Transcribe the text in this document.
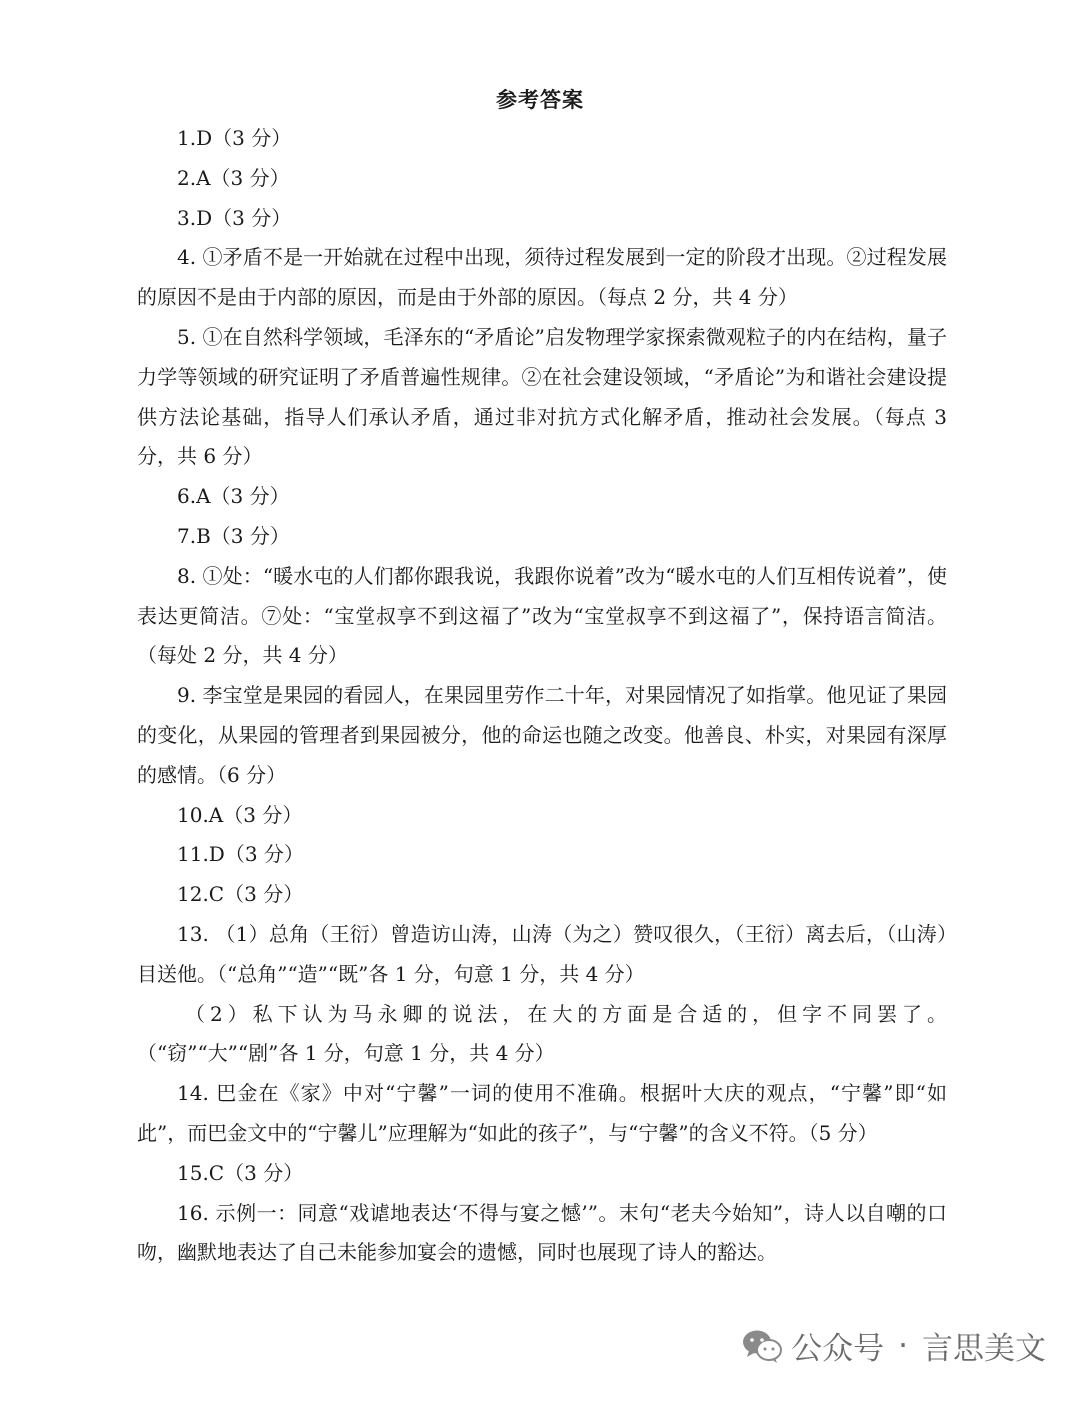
参考答案

1.D（3 分）

2.A（3 分）

3.D（3 分）

4. ①矛盾不是一开始就在过程中出现，须待过程发展到一定的阶段才出现。②过程发展的原因不是由于内部的原因，而是由于外部的原因。（每点 2 分，共 4 分）

5. ①在自然科学领域，毛泽东的“矛盾论”启发物理学家探索微观粒子的内在结构，量子力学等领域的研究证明了矛盾普遍性规律。②在社会建设领域，“矛盾论”为和谐社会建设提供方法论基础，指导人们承认矛盾，通过非对抗方式化解矛盾，推动社会发展。（每点 3 分，共 6 分）

6.A（3 分）

7.B（3 分）

8. ①处：“暖水屯的人们都你跟我说，我跟你说着”改为“暖水屯的人们互相传说着”，使表达更简洁。⑦处：“宝堂叔享不到这福了”改为“宝堂叔享不到这福了”，保持语言简洁。（每处 2 分，共 4 分）

9. 李宝堂是果园的看园人，在果园里劳作二十年，对果园情况了如指掌。他见证了果园的变化，从果园的管理者到果园被分，他的命运也随之改变。他善良、朴实，对果园有深厚的感情。（6 分）

10.A（3 分）

11.D（3 分）

12.C（3 分）

13. （1）总角（王衍）曾造访山涛，山涛（为之）赞叹很久，（王衍）离去后，（山涛）目送他。（“总角”“造”“既”各 1 分，句意 1 分，共 4 分）

（2）私下认为马永卿的说法，在大的方面是合适的，但字不同罢了。（“窃”“大”“剧”各 1 分，句意 1 分，共 4 分）

14. 巴金在《家》中对“宁馨”一词的使用不准确。根据叶大庆的观点，“宁馨”即“如此”，而巴金文中的“宁馨儿”应理解为“如此的孩子”，与“宁馨”的含义不符。（5 分）

15.C（3 分）

16. 示例一：同意“戏谑地表达‘不得与宴之憾’”。末句“老夫今始知”，诗人以自嘲的口吻，幽默地表达了自己未能参加宴会的遗憾，同时也展现了诗人的豁达。

公众号 · 言思美文
